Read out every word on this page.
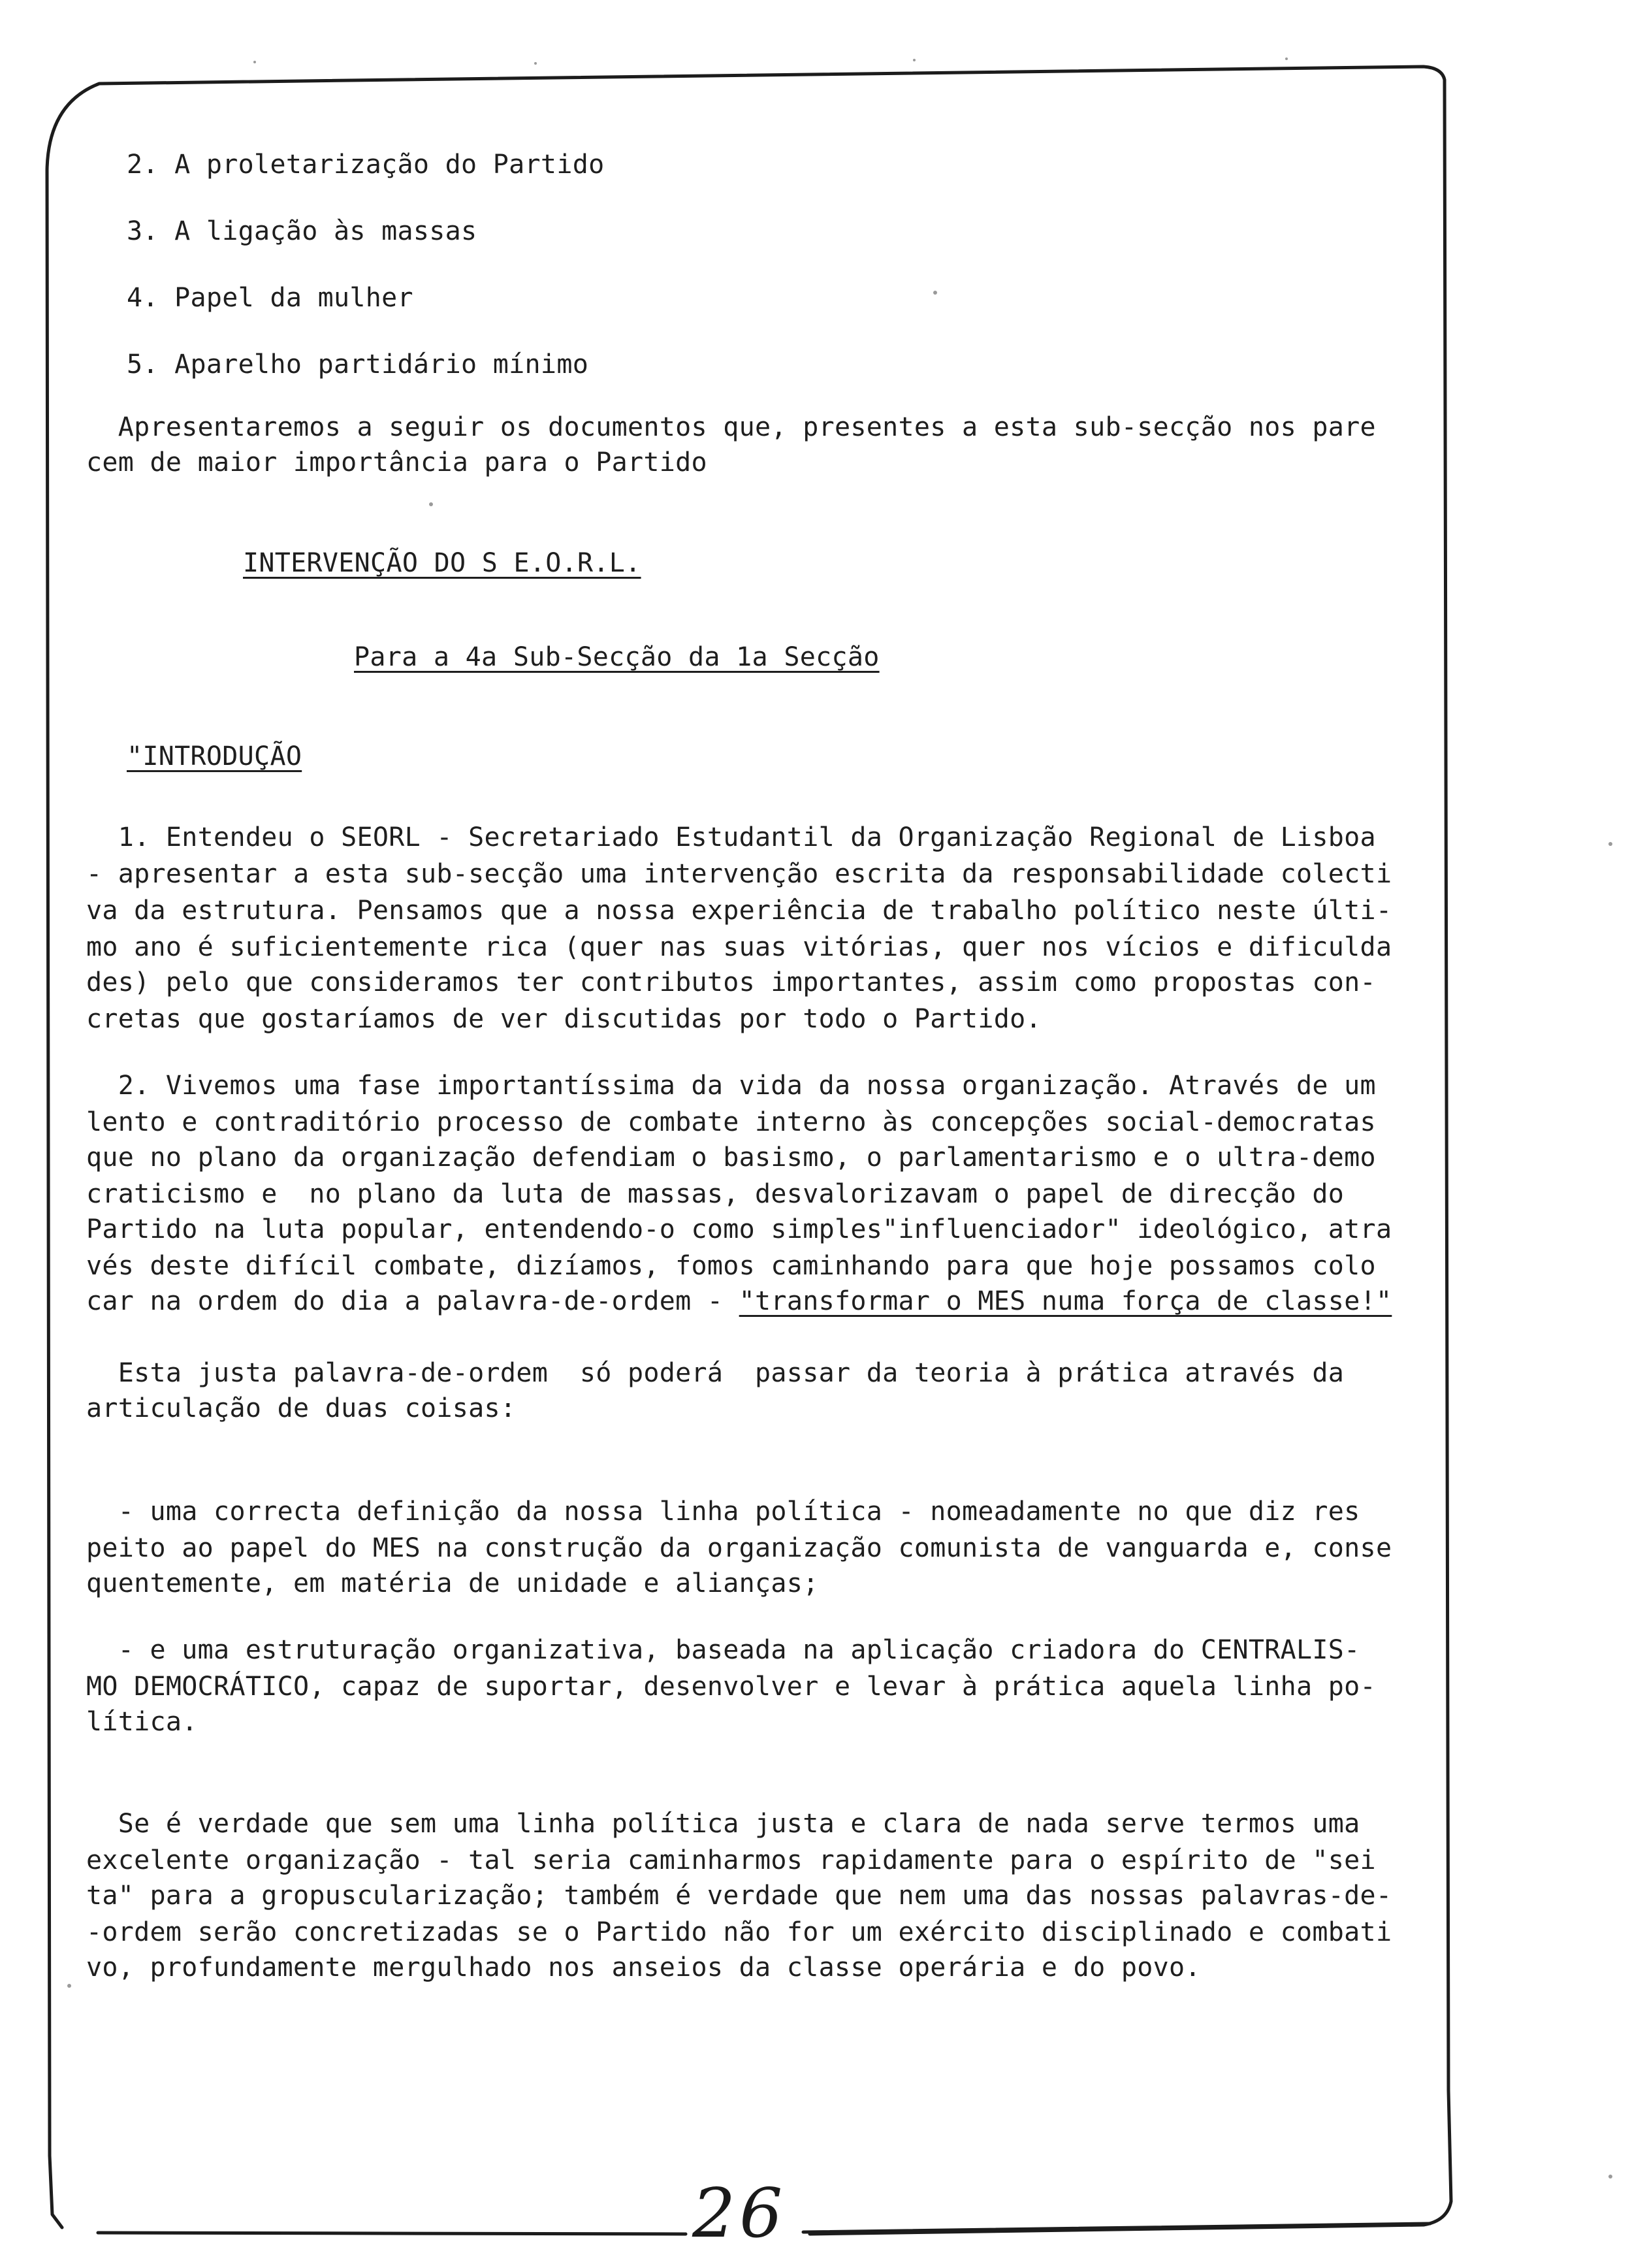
2. A proletarização do Partido
3. A ligação às massas
4. Papel da mulher
5. Aparelho partidário mínimo
Apresentaremos a seguir os documentos que, presentes a esta sub-secção nos pare
cem de maior importância para o Partido
INTERVENÇÃO DO S E.O.R.L.
Para a 4a Sub-Secção da 1a Secção
"INTRODUÇÃO
1. Entendeu o SEORL - Secretariado Estudantil da Organização Regional de Lisboa
- apresentar a esta sub-secção uma intervenção escrita da responsabilidade colecti
va da estrutura. Pensamos que a nossa experiência de trabalho político neste últi-
mo ano é suficientemente rica (quer nas suas vitórias, quer nos vícios e dificulda
des) pelo que consideramos ter contributos importantes, assim como propostas con-
cretas que gostaríamos de ver discutidas por todo o Partido.
2. Vivemos uma fase importantíssima da vida da nossa organização. Através de um
lento e contraditório processo de combate interno às concepções social-democratas
que no plano da organização defendiam o basismo, o parlamentarismo e o ultra-demo
craticismo e  no plano da luta de massas, desvalorizavam o papel de direcção do
Partido na luta popular, entendendo-o como simples"influenciador" ideológico, atra
vés deste difícil combate, dizíamos, fomos caminhando para que hoje possamos colo
car na ordem do dia a palavra-de-ordem - "transformar o MES numa força de classe!"
Esta justa palavra-de-ordem  só poderá  passar da teoria à prática através da
articulação de duas coisas:
- uma correcta definição da nossa linha política - nomeadamente no que diz res
peito ao papel do MES na construção da organização comunista de vanguarda e, conse
quentemente, em matéria de unidade e alianças;
- e uma estruturação organizativa, baseada na aplicação criadora do CENTRALIS-
MO DEMOCRÁTICO, capaz de suportar, desenvolver e levar à prática aquela linha po-
lítica.
Se é verdade que sem uma linha política justa e clara de nada serve termos uma
excelente organização - tal seria caminharmos rapidamente para o espírito de "sei
ta" para a gropuscularização; também é verdade que nem uma das nossas palavras-de-
-ordem serão concretizadas se o Partido não for um exército disciplinado e combati
vo, profundamente mergulhado nos anseios da classe operária e do povo.
26
